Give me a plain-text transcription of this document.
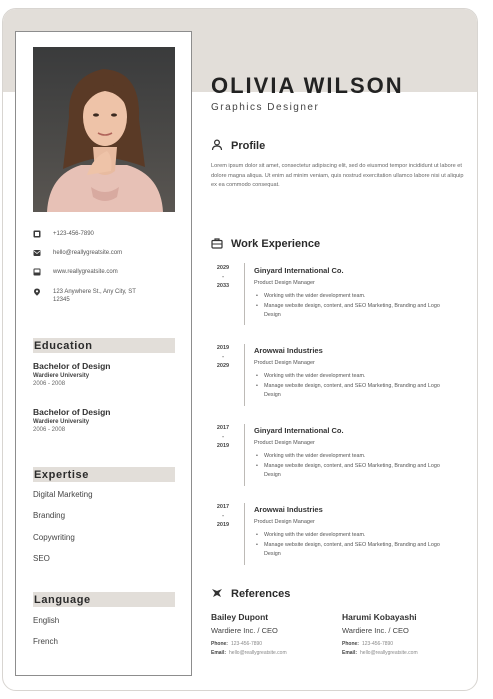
+123-456-7890
hello@reallygreatsite.com
www.reallygreatsite.com
123 Anywhere St., Any City, ST 12345
Education
Bachelor of Design
Wardiere University
2006 - 2008
Bachelor of Design
Wardiere University
2006 - 2008
Expertise
Digital Marketing
Branding
Copywriting
SEO
Language
English
French
OLIVIA WILSON
Graphics Designer
Profile
Lorem ipsum dolor sit amet, consectetur adipiscing elit, sed do eiusmod tempor incididunt ut labore et dolore magna aliqua. Ut enim ad minim veniam, quis nostrud exercitation ullamco labore nisi ut aliquip ex ea commodo consequat.
Work Experience
2029
-
2033
Ginyard International Co.
Product Design Manager
• Working with the wider development team.
• Manage website design, content, and SEO Marketing, Branding and Logo Design
2019
-
2029
Arowwai Industries
Product Design Manager
• Working with the wider development team.
• Manage website design, content, and SEO Marketing, Branding and Logo Design
2017
-
2019
Ginyard International Co.
Product Design Manager
• Working with the wider development team.
• Manage website design, content, and SEO Marketing, Branding and Logo Design
2017
-
2019
Arowwai Industries
Product Design Manager
• Working with the wider development team.
• Manage website design, content, and SEO Marketing, Branding and Logo Design
References
Bailey Dupont
Wardiere Inc. / CEO
Phone: 123-456-7890
Email: hello@reallygreatsite.com
Harumi Kobayashi
Wardiere Inc. / CEO
Phone: 123-456-7890
Email: hello@reallygreatsite.com
